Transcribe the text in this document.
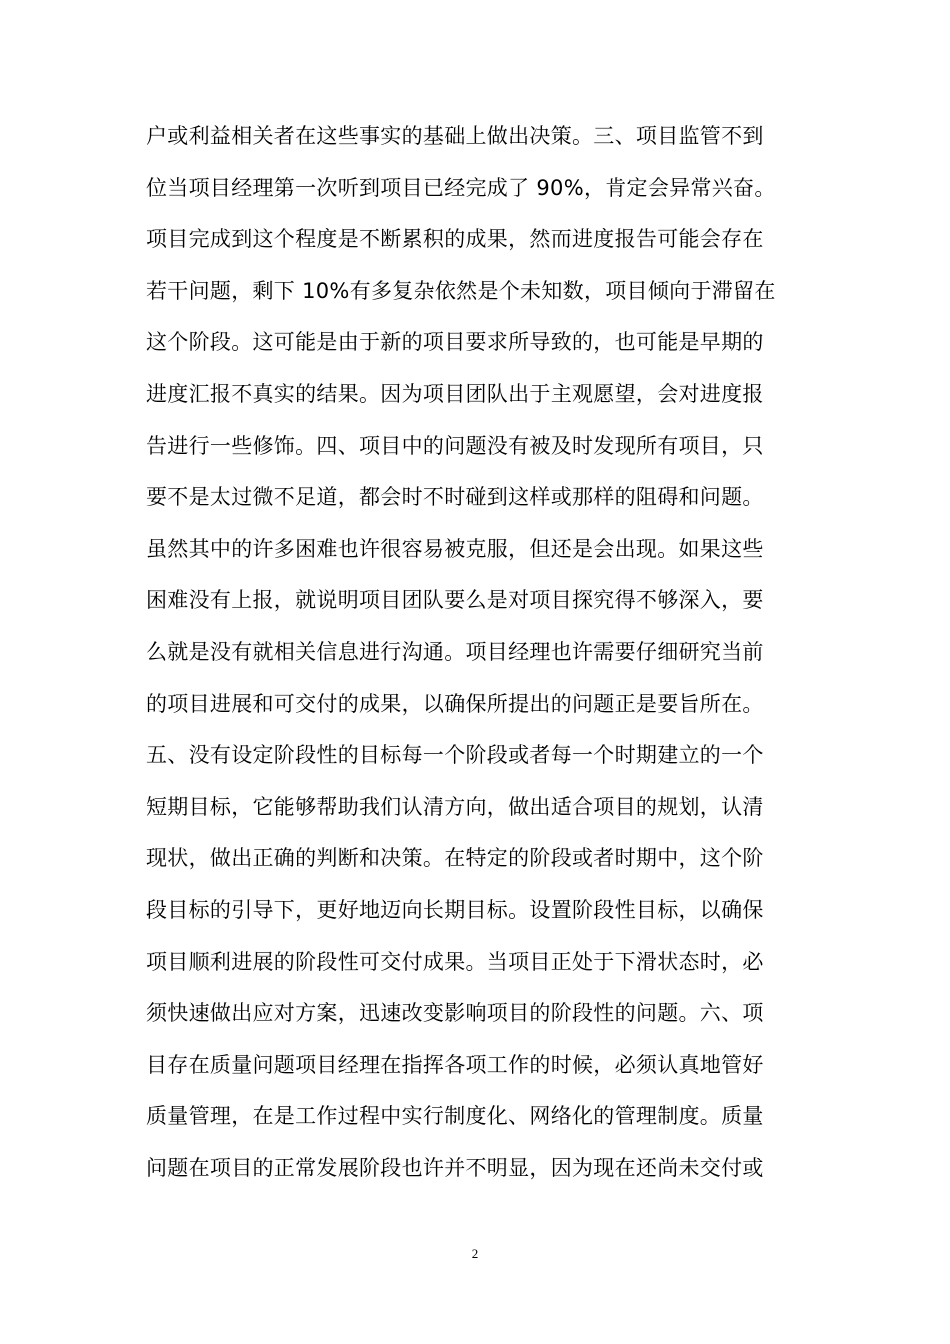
户或利益相关者在这些事实的基础上做出决策。三、项目监管不到
位当项目经理第一次听到项目已经完成了 90%，肯定会异常兴奋。
项目完成到这个程度是不断累积的成果，然而进度报告可能会存在
若干问题，剩下 10%有多复杂依然是个未知数，项目倾向于滞留在
这个阶段。这可能是由于新的项目要求所导致的，也可能是早期的
进度汇报不真实的结果。因为项目团队出于主观愿望，会对进度报
告进行一些修饰。四、项目中的问题没有被及时发现所有项目，只
要不是太过微不足道，都会时不时碰到这样或那样的阻碍和问题。
虽然其中的许多困难也许很容易被克服，但还是会出现。如果这些
困难没有上报，就说明项目团队要么是对项目探究得不够深入，要
么就是没有就相关信息进行沟通。项目经理也许需要仔细研究当前
的项目进展和可交付的成果，以确保所提出的问题正是要旨所在。
五、没有设定阶段性的目标每一个阶段或者每一个时期建立的一个
短期目标，它能够帮助我们认清方向，做出适合项目的规划，认清
现状，做出正确的判断和决策。在特定的阶段或者时期中，这个阶
段目标的引导下，更好地迈向长期目标。设置阶段性目标，以确保
项目顺利进展的阶段性可交付成果。当项目正处于下滑状态时，必
须快速做出应对方案，迅速改变影响项目的阶段性的问题。六、项
目存在质量问题项目经理在指挥各项工作的时候，必须认真地管好
质量管理，在是工作过程中实行制度化、网络化的管理制度。质量
问题在项目的正常发展阶段也许并不明显，因为现在还尚未交付或
2
